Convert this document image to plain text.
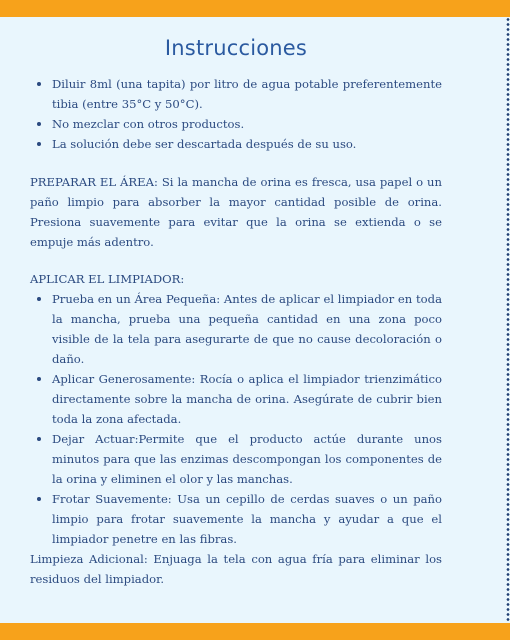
Instrucciones
Diluir 8ml (una tapita) por litro de agua potable preferentemente tibia (entre 35°C y 50°C).
No mezclar con otros productos.
La solución debe ser descartada después de su uso.

PREPARAR EL ÁREA: Si la mancha de orina es fresca, usa papel o un paño limpio para absorber la mayor cantidad posible de orina. Presiona suavemente para evitar que la orina se extienda o se empuje más adentro.

APLICAR EL LIMPIADOR:

Prueba en un Área Pequeña: Antes de aplicar el limpiador en toda la mancha, prueba una pequeña cantidad en una zona poco visible de la tela para asegurarte de que no cause decoloración o daño.
Aplicar Generosamente: Rocía o aplica el limpiador trienzimático directamente sobre la mancha de orina. Asegúrate de cubrir bien toda la zona afectada.
Dejar Actuar:Permite que el producto actúe durante unos minutos para que las enzimas descompongan los componentes de la orina y eliminen el olor y las manchas.
Frotar Suavemente: Usa un cepillo de cerdas suaves o un paño limpio para frotar suavemente la mancha y ayudar a que el limpiador penetre en las fibras.

Limpieza Adicional: Enjuaga la tela con agua fría para eliminar los residuos del limpiador.
